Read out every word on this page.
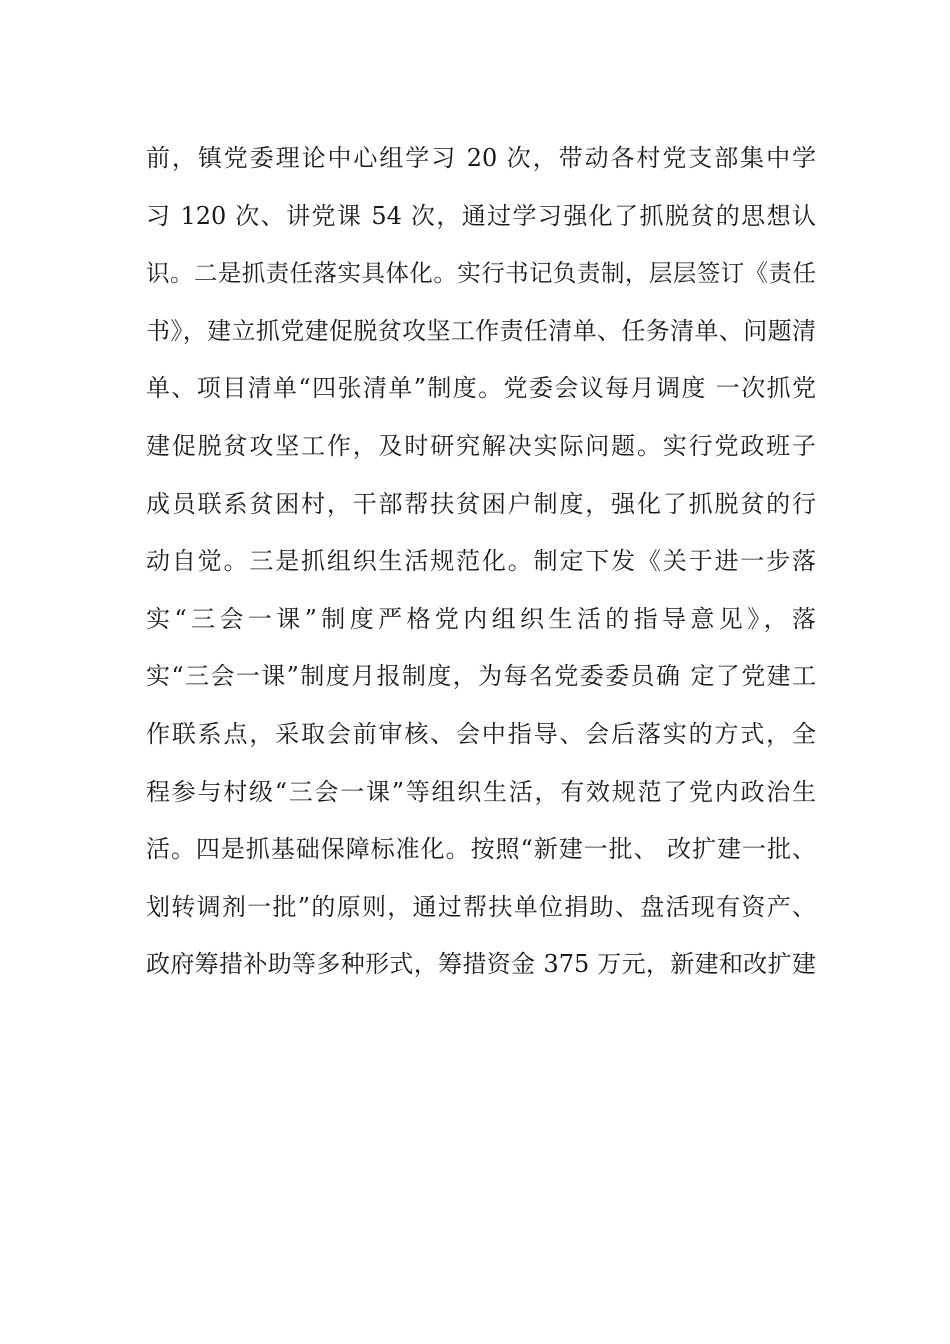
前，镇党委理论中心组学习 20 次，带动各村党支部集中学
习 120 次、讲党课 54 次，通过学习强化了抓脱贫的思想认
识。二是抓责任落实具体化。实行书记负责制，层层签订《责任
书》，建立抓党建促脱贫攻坚工作责任清单、任务清单、问题清
单、项目清单“四张清单”制度。党委会议每月调度 一次抓党
建促脱贫攻坚工作，及时研究解决实际问题。实行党政班子
成员联系贫困村，干部帮扶贫困户制度，强化了抓脱贫的行
动自觉。三是抓组织生活规范化。制定下发《关于进一步落
实“三会一课”制度严格党内组织生活的指导意见》，落
实“三会一课”制度月报制度，为每名党委委员确 定了党建工
作联系点，采取会前审核、会中指导、会后落实的方式，全
程参与村级“三会一课”等组织生活，有效规范了党内政治生
活。四是抓基础保障标准化。按照“新建一批、 改扩建一批、
划转调剂一批”的原则，通过帮扶单位捐助、盘活现有资产、
政府筹措补助等多种形式，筹措资金 375 万元，新建和改扩建
